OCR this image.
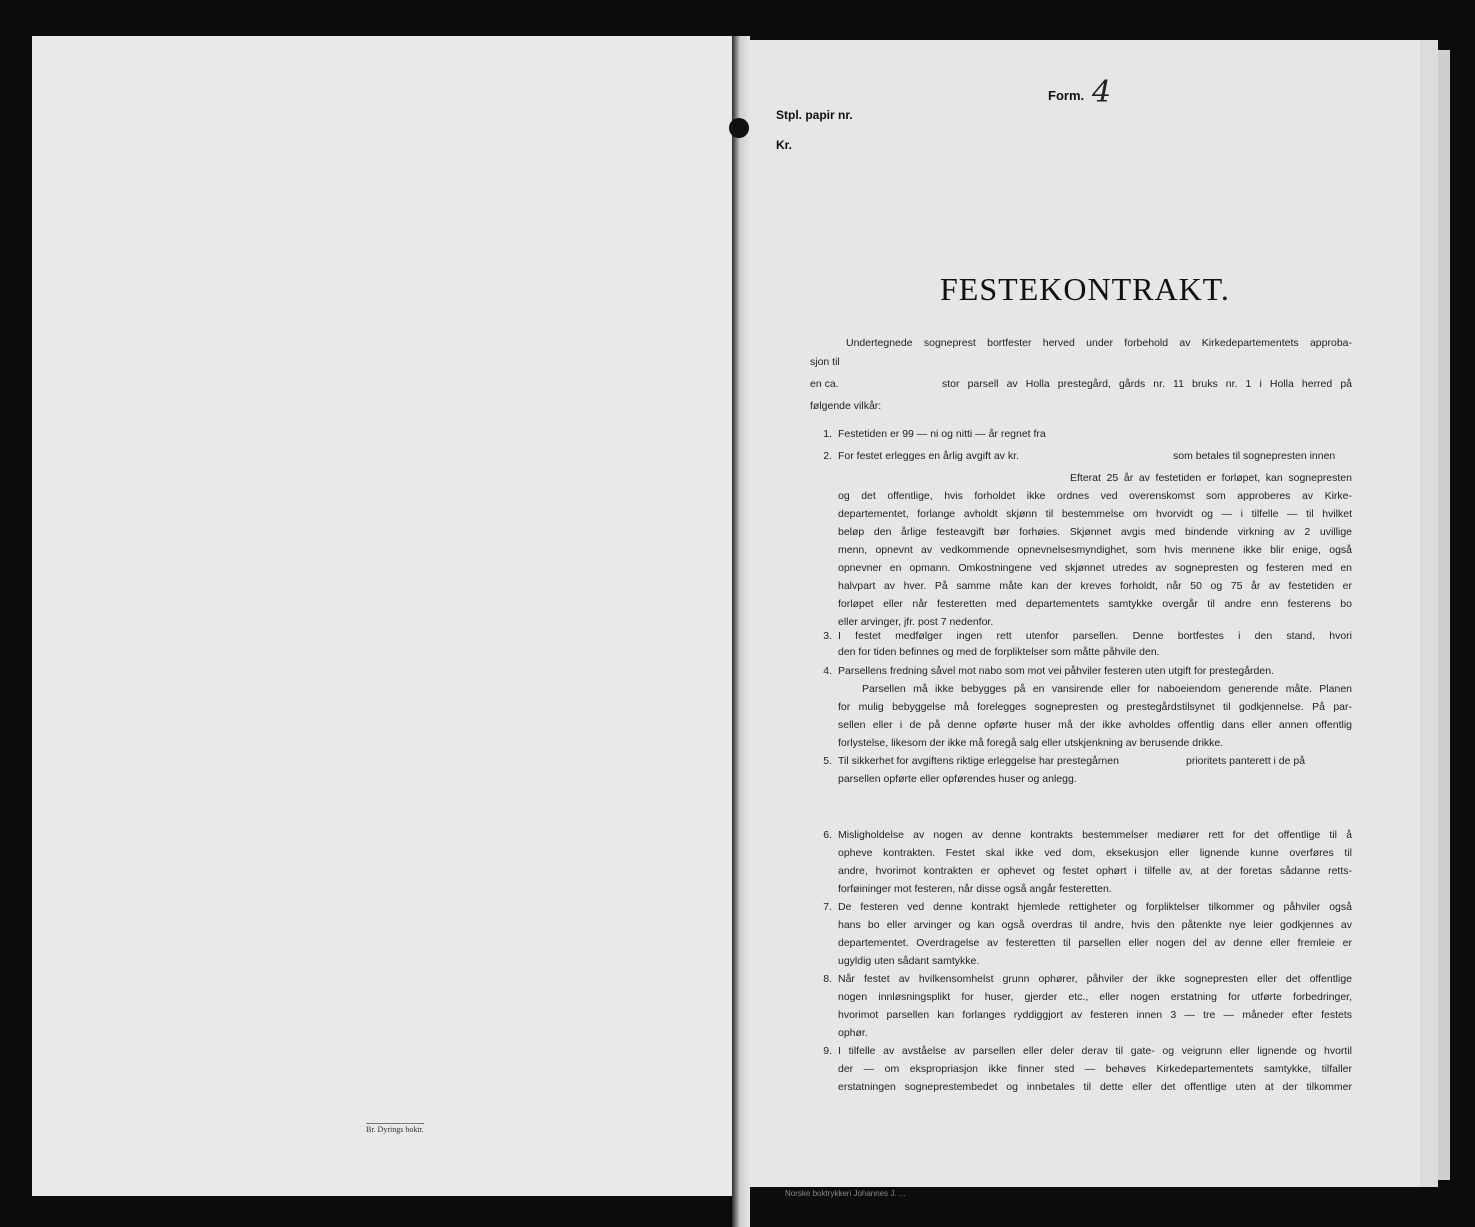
Br. Dyrings boktr.
Norske boktrykkeri Johannes J. ...
Form. 4
Stpl. papir nr.
Kr.
FESTEKONTRAKT.
Undertegnede sogneprest bortfester herved under forbehold av Kirkedepartementets approba-
sjon til
en ca.	stor parsell av Holla prestegård, gårds nr. 11 bruks nr. 1 i Holla herred på
følgende vilkår:
1. Festetiden er 99 — ni og nitti — år regnet fra
2. For festet erlegges en årlig avgift av kr.	som betales til sognepresten innen
Efterat 25 år av festetiden er forløpet, kan sognepresten
og det offentlige, hvis forholdet ikke ordnes ved overenskomst som approberes av Kirke-
departementet, forlange avholdt skjønn til bestemmelse om hvorvidt og — i tilfelle — til hvilket
beløp den årlige festeavgift bør forhøies. Skjønnet avgis med bindende virkning av 2 uvillige
menn, opnevnt av vedkommende opnevnelsesmyndighet, som hvis mennene ikke blir enige, også
opnevner en opmann. Omkostningene ved skjønnet utredes av sognepresten og festeren med en
halvpart av hver. På samme måte kan der kreves forholdt, når 50 og 75 år av festetiden er
forløpet eller når festeretten med departementets samtykke overgår til andre enn festerens bo
eller arvinger, jfr. post 7 nedenfor.
3. I festet medfølger ingen rett utenfor parsellen. Denne bortfestes i den stand, hvori
den for tiden befinnes og med de forpliktelser som måtte påhvile den.
4. Parsellens fredning såvel mot nabo som mot vei påhviler festeren uten utgift for prestegården.
Parsellen må ikke bebygges på en vansirende eller for naboeiendom generende måte. Planen
for mulig bebyggelse må forelegges sognepresten og prestegårdstilsynet til godkjennelse. På par-
sellen eller i de på denne opførte huser må der ikke avholdes offentlig dans eller annen offentlig
forlystelse, likesom der ikke må foregå salg eller utskjenkning av berusende drikke.
5. Til sikkerhet for avgiftens riktige erleggelse har prestegårnen	prioritets panterett i de på
parsellen opførte eller opførendes huser og anlegg.
6. Misligholdelse av nogen av denne kontrakts bestemmelser mediører rett for det offentlige til å
opheve kontrakten. Festet skal ikke ved dom, eksekusjon eller lignende kunne overføres til
andre, hvorimot kontrakten er ophevet og festet ophørt i tilfelle av, at der foretas sådanne retts-
forføininger mot festeren, når disse også angår festeretten.
7. De festeren ved denne kontrakt hjemlede rettigheter og forpliktelser tilkommer og påhviler også
hans bo eller arvinger og kan også overdras til andre, hvis den påtenkte nye leier godkjennes av
departementet. Overdragelse av festeretten til parsellen eller nogen del av denne eller fremleie er
ugyldig uten sådant samtykke.
8. Når festet av hvilkensomhelst grunn ophører, påhviler der ikke sognepresten eller det offentlige
nogen innløsningsplikt for huser, gjerder etc., eller nogen erstatning for utførte forbedringer,
hvorimot parsellen kan forlanges ryddiggjort av festeren innen 3 — tre — måneder efter festets
ophør.
9. I tilfelle av avståelse av parsellen eller deler derav til gate- og veigrunn eller lignende og hvortil
der — om ekspropriasjon ikke finner sted — behøves Kirkedepartementets samtykke, tilfaller
erstatningen sogneprestembedet og innbetales til dette eller det offentlige uten at der tilkommer
